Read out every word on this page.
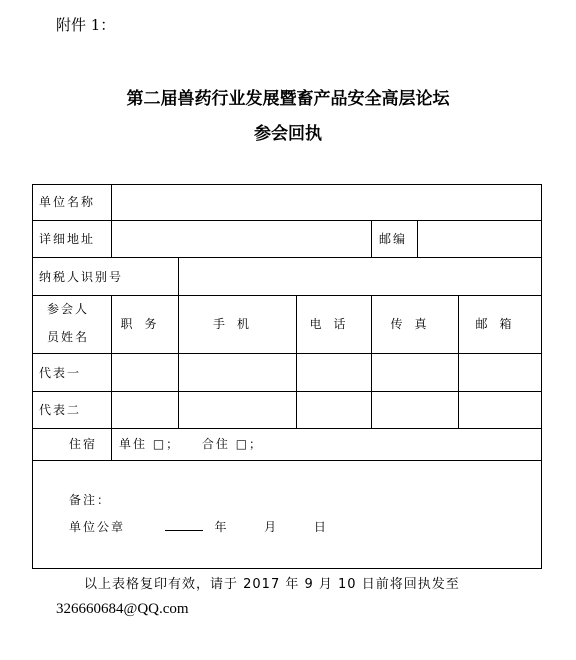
附件 1：
第二届兽药行业发展暨畜产品安全高层论坛
参会回执
单位名称
详细地址	邮编
纳税人识别号
参会人
员姓名
职务	手机	电话	传真	邮箱
代表一
代表二
住宿 单住 □； 合住 □；
备注：
单位公章	年	月	日
以上表格复印有效，请于 2017 年 9 月 10 日前将回执发至
326660684@QQ.com
